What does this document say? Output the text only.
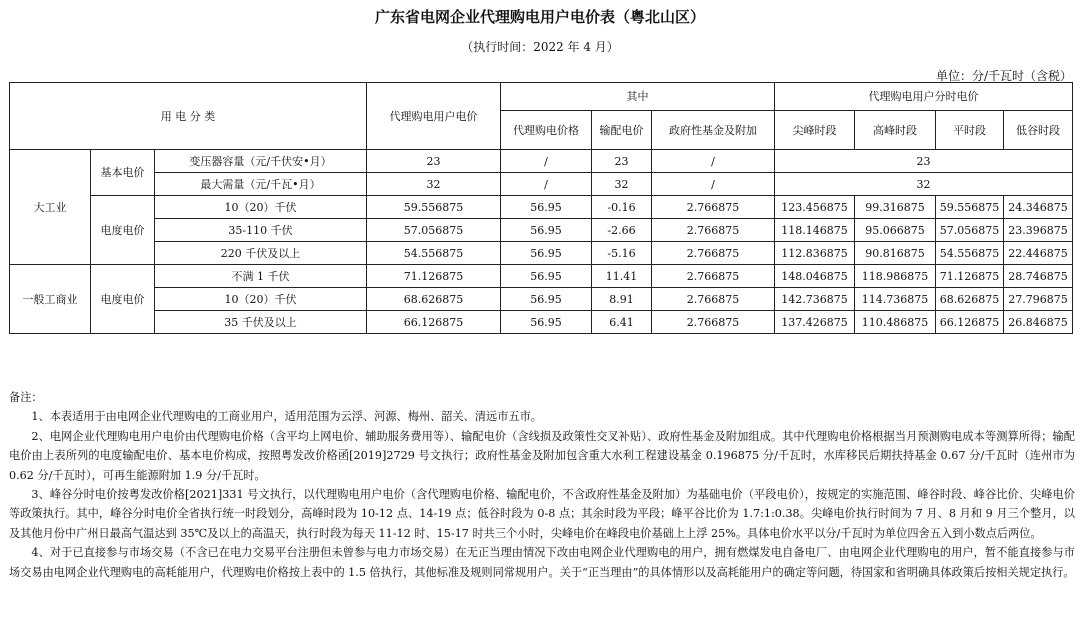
广东省电网企业代理购电用户电价表（粤北山区）
（执行时间：2022 年 4 月）
单位：分/千瓦时（含税）
用 电 分 类			代理购电用户电价	其中			代理购电用户分时电价			
				代理购电价格	输配电价	政府性基金及附加	尖峰时段	高峰时段	平时段	低谷时段
大工业	基本电价	变压器容量（元/千伏安•月）	23	/	23	/	23			
		最大需量（元/千瓦•月）	32	/	32	/	32			
	电度电价	10（20）千伏	59.556875	56.95	-0.16	2.766875	123.456875	99.316875	59.556875	24.346875
		35-110 千伏	57.056875	56.95	-2.66	2.766875	118.146875	95.066875	57.056875	23.396875
		220 千伏及以上	54.556875	56.95	-5.16	2.766875	112.836875	90.816875	54.556875	22.446875
一般工商业	电度电价	不满 1 千伏	71.126875	56.95	11.41	2.766875	148.046875	118.986875	71.126875	28.746875
		10（20）千伏	68.626875	56.95	8.91	2.766875	142.736875	114.736875	68.626875	27.796875
		35 千伏及以上	66.126875	56.95	6.41	2.766875	137.426875	110.486875	66.126875	26.846875

备注：

1、本表适用于由电网企业代理购电的工商业用户，适用范围为云浮、河源、梅州、韶关、清远市五市。

2、电网企业代理购电用户电价由代理购电价格（含平均上网电价、辅助服务费用等）、输配电价（含线损及政策性交叉补贴）、政府性基金及附加组成。其中代理购电价格根据当月预测购电成本等测算所得；输配电价由上表所列的电度输配电价、基本电价构成，按照粤发改价格函[2019]2729 号文执行；政府性基金及附加包含重大水利工程建设基金 0.196875 分/千瓦时，水库移民后期扶持基金 0.67 分/千瓦时（连州市为 0.62 分/千瓦时），可再生能源附加 1.9 分/千瓦时。

3、峰谷分时电价按粤发改价格[2021]331 号文执行，以代理购电用户电价（含代理购电价格、输配电价，不含政府性基金及附加）为基础电价（平段电价），按规定的实施范围、峰谷时段、峰谷比价、尖峰电价等政策执行。其中，峰谷分时电价全省执行统一时段划分，高峰时段为 10-12 点、14-19 点；低谷时段为 0-8 点；其余时段为平段；峰平谷比价为 1.7:1:0.38。尖峰电价执行时间为 7 月、8 月和 9 月三个整月，以及其他月份中广州日最高气温达到 35℃及以上的高温天，执行时段为每天 11-12 时、15-17 时共三个小时，尖峰电价在峰段电价基础上上浮 25%。具体电价水平以分/千瓦时为单位四舍五入到小数点后两位。

4、对于已直接参与市场交易（不含已在电力交易平台注册但未曾参与电力市场交易）在无正当理由情况下改由电网企业代理购电的用户，拥有燃煤发电自备电厂、由电网企业代理购电的用户，暂不能直接参与市场交易由电网企业代理购电的高耗能用户，代理购电价格按上表中的 1.5 倍执行，其他标准及规则同常规用户。关于“正当理由”的具体情形以及高耗能用户的确定等问题，待国家和省明确具体政策后按相关规定执行。
